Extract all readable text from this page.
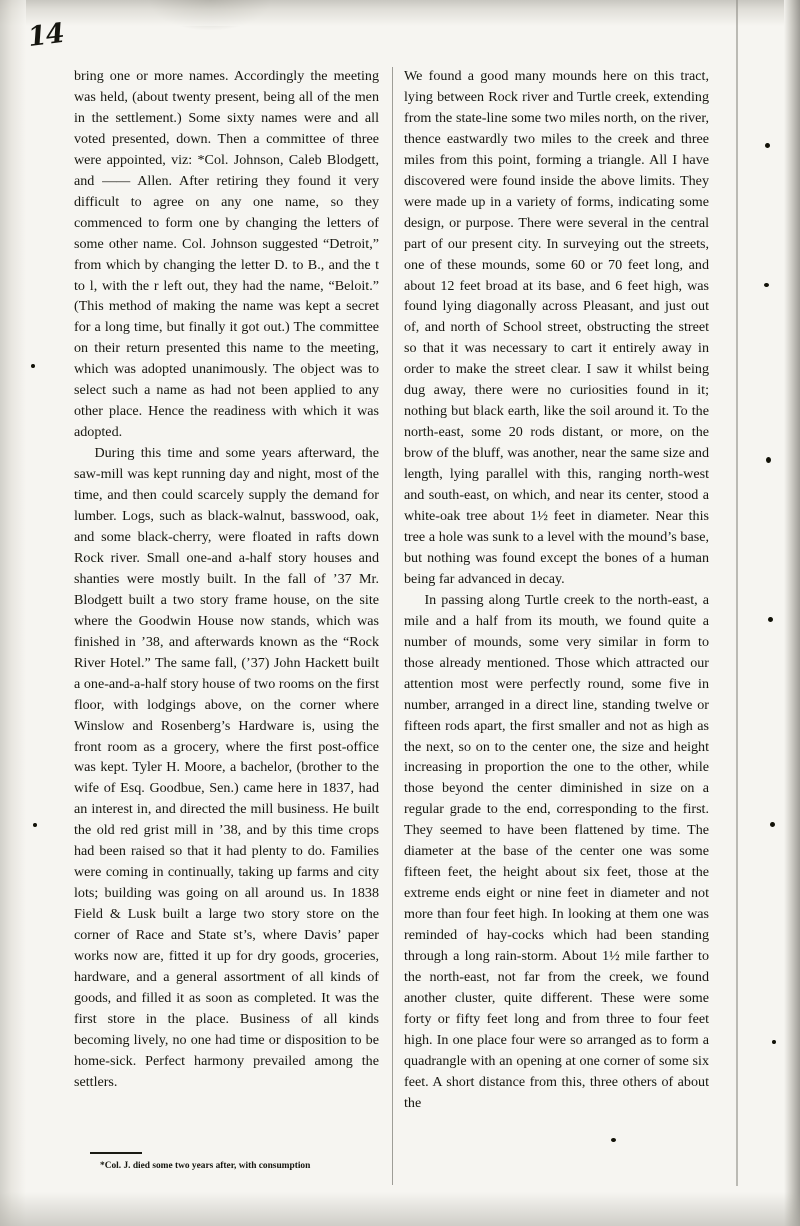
14

bring one or more names. Accordingly the meeting was held, (about twenty present, being all of the men in the settlement.) Some sixty names were and all voted presented, down. Then a committee of three were appointed, viz: *Col. Johnson, Caleb Blodgett, and —— Allen. After retiring they found it very difficult to agree on any one name, so they commenced to form one by changing the letters of some other name. Col. Johnson suggested “Detroit,” from which by changing the letter D. to B., and the t to l, with the r left out, they had the name, “Beloit.” (This method of making the name was kept a secret for a long time, but finally it got out.) The committee on their return presented this name to the meeting, which was adopted unanimously. The object was to select such a name as had not been applied to any other place. Hence the readiness with which it was adopted.

During this time and some years afterward, the saw-mill was kept running day and night, most of the time, and then could scarcely supply the demand for lumber. Logs, such as black-walnut, basswood, oak, and some black-cherry, were floated in rafts down Rock river. Small one-and a-half story houses and shanties were mostly built. In the fall of ’37 Mr. Blodgett built a two story frame house, on the site where the Goodwin House now stands, which was finished in ’38, and afterwards known as the “Rock River Hotel.” The same fall, (’37) John Hackett built a one-and-a-half story house of two rooms on the first floor, with lodgings above, on the corner where Winslow and Rosenberg’s Hardware is, using the front room as a grocery, where the first post-office was kept. Tyler H. Moore, a bachelor, (brother to the wife of Esq. Goodbue, Sen.) came here in 1837, had an interest in, and directed the mill business. He built the old red grist mill in ’38, and by this time crops had been raised so that it had plenty to do. Families were coming in continually, taking up farms and city lots; building was going on all around us. In 1838 Field & Lusk built a large two story store on the corner of Race and State st’s, where Davis’ paper works now are, fitted it up for dry goods, groceries, hardware, and a general assortment of all kinds of goods, and filled it as soon as completed. It was the first store in the place. Business of all kinds becoming lively, no one had time or disposition to be home-sick. Perfect harmony prevailed among the settlers.

We found a good many mounds here on this tract, lying between Rock river and Turtle creek, extending from the state-line some two miles north, on the river, thence eastwardly two miles to the creek and three miles from this point, forming a triangle. All I have discovered were found inside the above limits. They were made up in a variety of forms, indicating some design, or purpose. There were several in the central part of our present city. In surveying out the streets, one of these mounds, some 60 or 70 feet long, and about 12 feet broad at its base, and 6 feet high, was found lying diagonally across Pleasant, and just out of, and north of School street, obstructing the street so that it was necessary to cart it entirely away in order to make the street clear. I saw it whilst being dug away, there were no curiosities found in it; nothing but black earth, like the soil around it. To the north-east, some 20 rods distant, or more, on the brow of the bluff, was another, near the same size and length, lying parallel with this, ranging north-west and south-east, on which, and near its center, stood a white-oak tree about 1½ feet in diameter. Near this tree a hole was sunk to a level with the mound’s base, but nothing was found except the bones of a human being far advanced in decay.

In passing along Turtle creek to the north-east, a mile and a half from its mouth, we found quite a number of mounds, some very similar in form to those already mentioned. Those which attracted our attention most were perfectly round, some five in number, arranged in a direct line, standing twelve or fifteen rods apart, the first smaller and not as high as the next, so on to the center one, the size and height increasing in proportion the one to the other, while those beyond the center diminished in size on a regular grade to the end, corresponding to the first. They seemed to have been flattened by time. The diameter at the base of the center one was some fifteen feet, the height about six feet, those at the extreme ends eight or nine feet in diameter and not more than four feet high. In looking at them one was reminded of hay-cocks which had been standing through a long rain-storm. About 1½ mile farther to the north-east, not far from the creek, we found another cluster, quite different. These were some forty or fifty feet long and from three to four feet high. In one place four were so arranged as to form a quadrangle with an opening at one corner of some six feet. A short distance from this, three others of about the

*Col. J. died some two years after, with consumption
